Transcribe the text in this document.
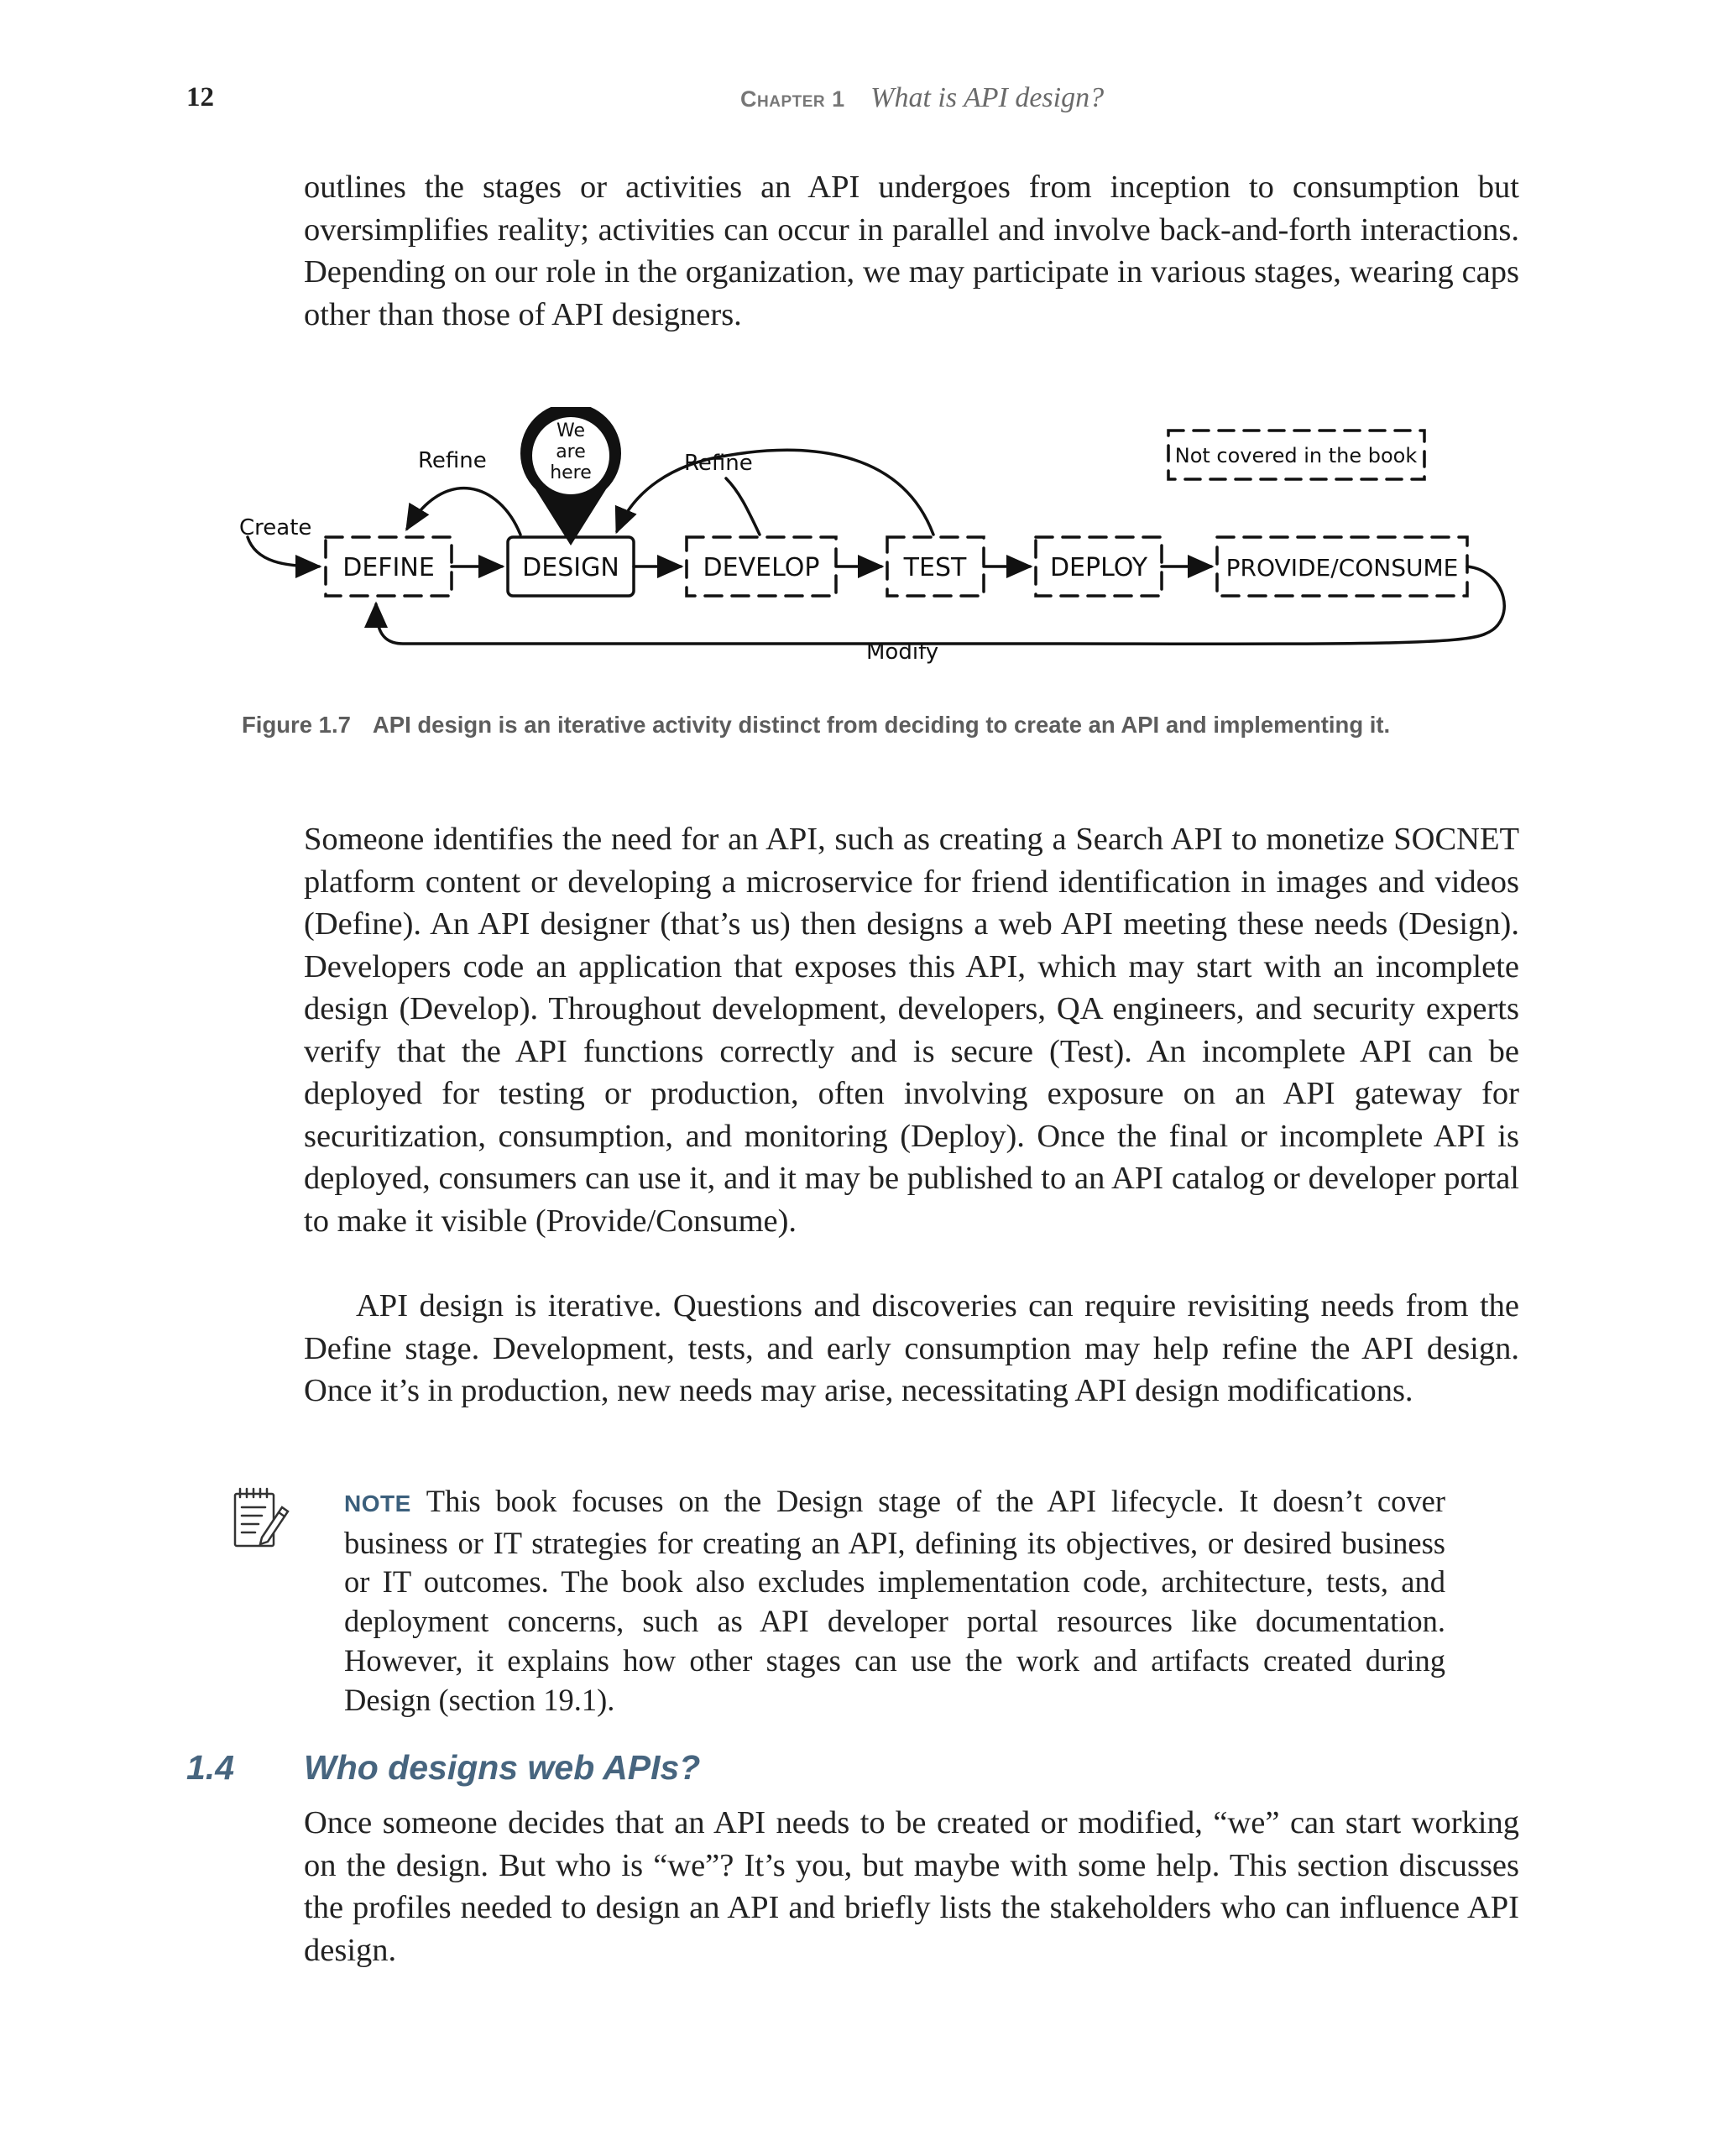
12	Chapter 1 What is API design?

outlines the stages or activities an API undergoes from inception to consumption but oversimplifies reality; activities can occur in parallel and involve back-and-forth interactions. Depending on our role in the organization, we may participate in various stages, wearing caps other than those of API designers.

We
are
here
DEFINE	DESIGN	DEVELOP	TEST	DEPLOY	PROVIDE/CONSUME
Create
Refine	Refine
Modify
Not covered in the book
Figure 1.7 API design is an iterative activity distinct from deciding to create an API and implementing it.

Someone identifies the need for an API, such as creating a Search API to monetize SOCNET platform content or developing a microservice for friend identification in images and videos (Define). An API designer (that’s us) then designs a web API meeting these needs (Design). Developers code an application that exposes this API, which may start with an incomplete design (Develop). Throughout development, developers, QA engineers, and security experts verify that the API functions correctly and is secure (Test). An incomplete API can be deployed for testing or production, often involving exposure on an API gateway for securitization, consumption, and monitoring (Deploy). Once the final or incomplete API is deployed, consumers can use it, and it may be published to an API catalog or developer portal to make it visible (Provide/Consume).

API design is iterative. Questions and discoveries can require revisiting needs from the Define stage. Development, tests, and early consumption may help refine the API design. Once it’s in production, new needs may arise, necessitating API design modifications.

NOTE This book focuses on the Design stage of the API lifecycle. It doesn’t cover business or IT strategies for creating an API, defining its objectives, or desired business or IT outcomes. The book also excludes implementation code, architecture, tests, and deployment concerns, such as API developer portal resources like documentation. However, it explains how other stages can use the work and artifacts created during Design (section 19.1).

1.4 Who designs web APIs?

Once someone decides that an API needs to be created or modified, “we” can start working on the design. But who is “we”? It’s you, but maybe with some help. This section discusses the profiles needed to design an API and briefly lists the stakeholders who can influence API design.
